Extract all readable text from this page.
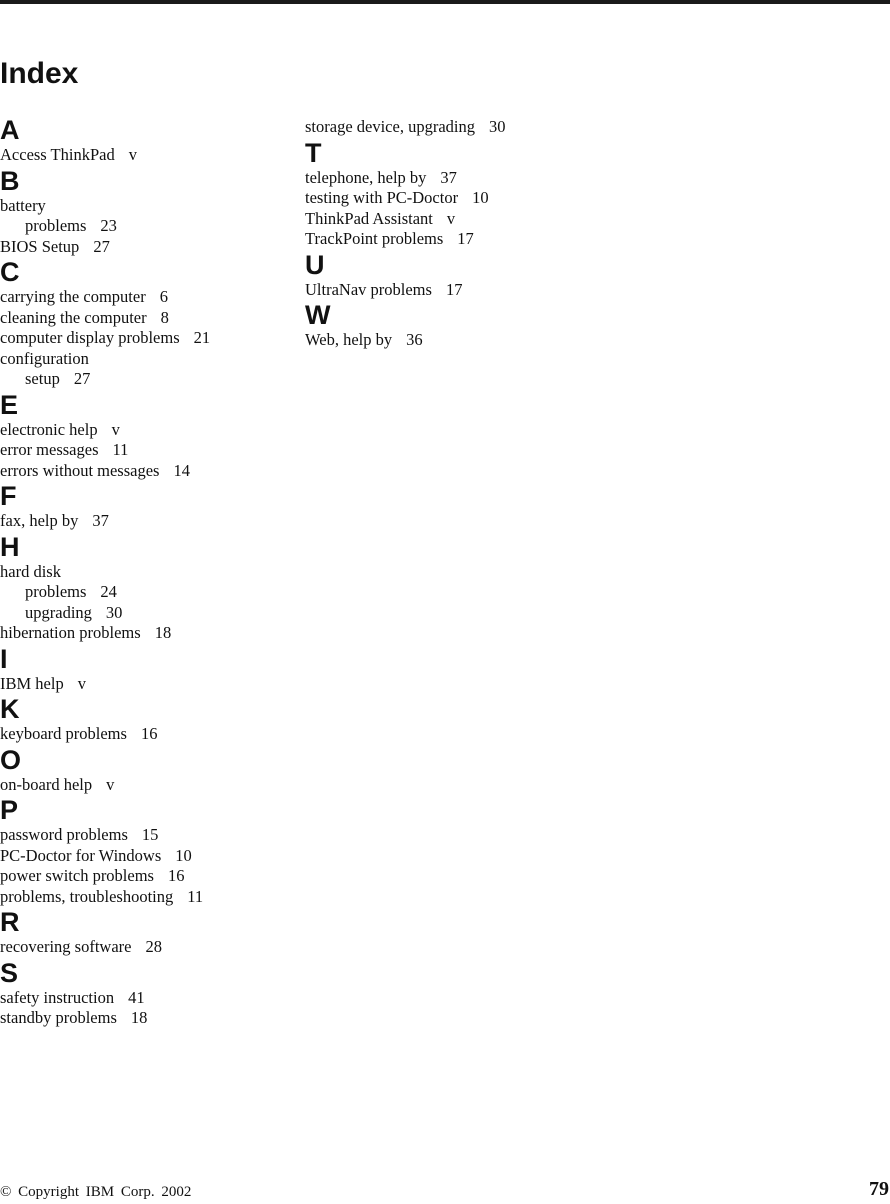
Index
A
Access ThinkPad v
B
battery
problems 23
BIOS Setup 27
C
carrying the computer 6
cleaning the computer 8
computer display problems 21
configuration
setup 27
E
electronic help v
error messages 11
errors without messages 14
F
fax, help by 37
H
hard disk
problems 24
upgrading 30
hibernation problems 18
I
IBM help v
K
keyboard problems 16
O
on-board help v
P
password problems 15
PC-Doctor for Windows 10
power switch problems 16
problems, troubleshooting 11
R
recovering software 28
S
safety instruction 41
standby problems 18
storage device, upgrading 30
T
telephone, help by 37
testing with PC-Doctor 10
ThinkPad Assistant v
TrackPoint problems 17
U
UltraNav problems 17
W
Web, help by 36
© Copyright IBM Corp. 2002	79
